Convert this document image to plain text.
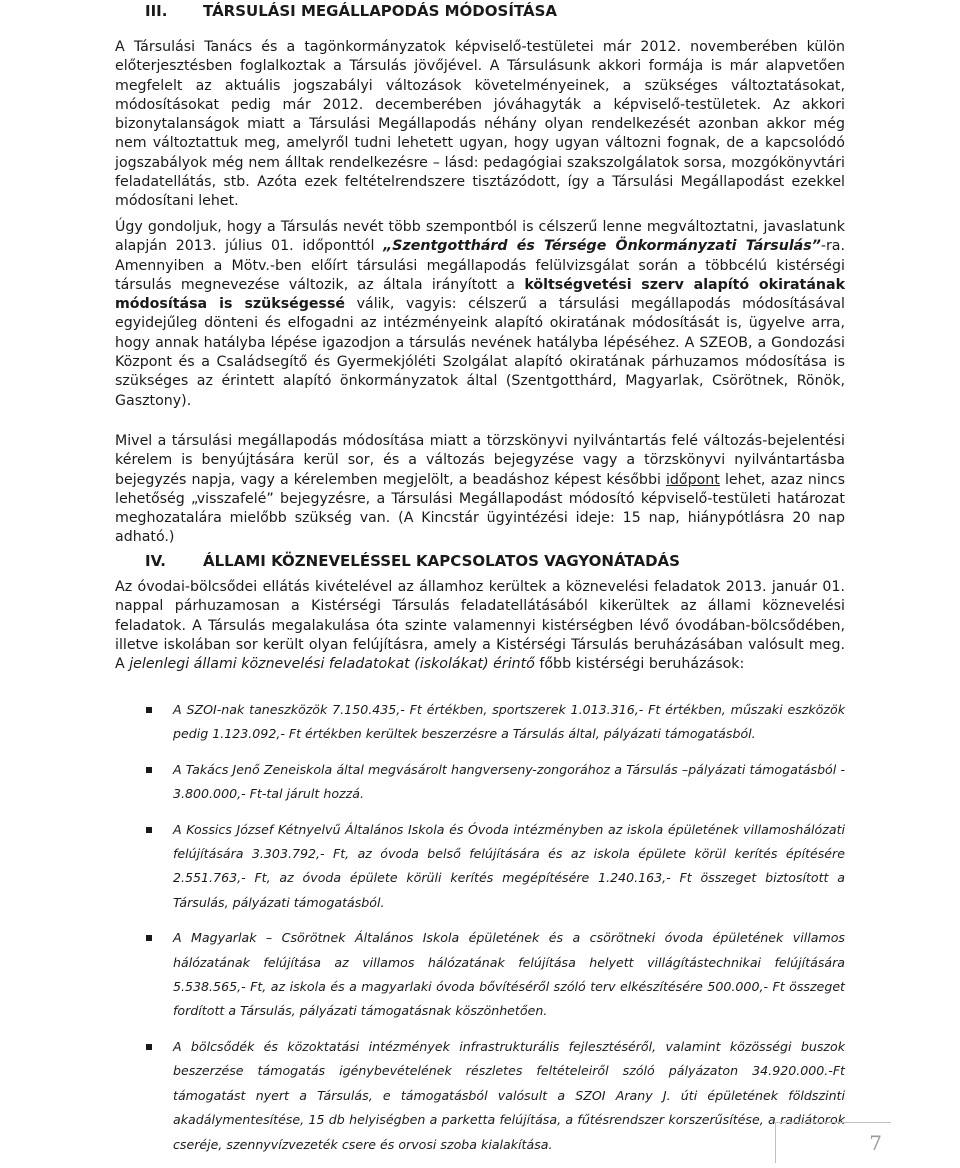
III.	TÁRSULÁSI MEGÁLLAPODÁS MÓDOSÍTÁSA

A Társulási Tanács és a tagönkormányzatok képviselő-testületei már 2012. novemberében külön előterjesztésben foglalkoztak a Társulás jövőjével. A Társulásunk akkori formája is már alapvetően megfelelt az aktuális jogszabályi változások követelményeinek, a szükséges változtatásokat, módosításokat pedig már 2012. decemberében jóváhagyták a képviselő-testületek. Az akkori bizonytalanságok miatt a Társulási Megállapodás néhány olyan rendelkezését azonban akkor még nem változtattuk meg, amelyről tudni lehetett ugyan, hogy ugyan változni fognak, de a kapcsolódó jogszabályok még nem álltak rendelkezésre – lásd: pedagógiai szakszolgálatok sorsa, mozgókönyvtári feladatellátás, stb. Azóta ezek feltételrendszere tisztázódott, így a Társulási Megállapodást ezekkel módosítani lehet.

Úgy gondoljuk, hogy a Társulás nevét több szempontból is célszerű lenne megváltoztatni, javaslatunk alapján 2013. július 01. időponttól „Szentgotthárd és Térsége Önkormányzati Társulás”-ra. Amennyiben a Mötv.-ben előírt társulási megállapodás felülvizsgálat során a többcélú kistérségi társulás megnevezése változik, az általa irányított a költségvetési szerv alapító okiratának módosítása is szükségessé válik, vagyis: célszerű a társulási megállapodás módosításával egyidejűleg dönteni és elfogadni az intézményeink alapító okiratának módosítását is, ügyelve arra, hogy annak hatályba lépése igazodjon a társulás nevének hatályba lépéséhez. A SZEOB, a Gondozási Központ és a Családsegítő és Gyermekjóléti Szolgálat alapító okiratának párhuzamos módosítása is szükséges az érintett alapító önkormányzatok által (Szentgotthárd, Magyarlak, Csörötnek, Rönök, Gasztony).

Mivel a társulási megállapodás módosítása miatt a törzskönyvi nyilvántartás felé változás-bejelentési kérelem is benyújtására kerül sor, és a változás bejegyzése vagy a törzskönyvi nyilvántartásba bejegyzés napja, vagy a kérelemben megjelölt, a beadáshoz képest későbbi időpont lehet, azaz nincs lehetőség „visszafelé” bejegyzésre, a Társulási Megállapodást módosító képviselő-testületi határozat meghozatalára mielőbb szükség van. (A Kincstár ügyintézési ideje: 15 nap, hiánypótlásra 20 nap adható.)

IV.	ÁLLAMI KÖZNEVELÉSSEL KAPCSOLATOS VAGYONÁTADÁS

Az óvodai-bölcsődei ellátás kivételével az államhoz kerültek a köznevelési feladatok 2013. január 01. nappal párhuzamosan a Kistérségi Társulás feladatellátásából kikerültek az állami köznevelési feladatok. A Társulás megalakulása óta szinte valamennyi kistérségben lévő óvodában-bölcsődében, illetve iskolában sor került olyan felújításra, amely a Kistérségi Társulás beruházásában valósult meg. A jelenlegi állami köznevelési feladatokat (iskolákat) érintő főbb kistérségi beruházások:

A SZOI-nak taneszközök 7.150.435,- Ft értékben, sportszerek 1.013.316,- Ft értékben, műszaki eszközök pedig 1.123.092,- Ft értékben kerültek beszerzésre a Társulás által, pályázati támogatásból.
A Takács Jenő Zeneiskola által megvásárolt hangverseny-zongorához a Társulás –pályázati támogatásból - 3.800.000,- Ft-tal járult hozzá.
A Kossics József Kétnyelvű Általános Iskola és Óvoda intézményben az iskola épületének villamoshálózati felújítására 3.303.792,- Ft, az óvoda belső felújítására és az iskola épülete körül kerítés építésére 2.551.763,- Ft, az óvoda épülete körüli kerítés megépítésére 1.240.163,- Ft összeget biztosított a Társulás, pályázati támogatásból.
A Magyarlak – Csörötnek Általános Iskola épületének és a csörötneki óvoda épületének villamos hálózatának felújítása az villamos hálózatának felújítása helyett villágítástechnikai felújítására 5.538.565,- Ft, az iskola és a magyarlaki óvoda bővítéséről szóló terv elkészítésére 500.000,- Ft összeget fordított a Társulás, pályázati támogatásnak köszönhetően.
A bölcsődék és közoktatási intézmények infrastrukturális fejlesztéséről, valamint közösségi buszok beszerzése támogatás igénybevételének részletes feltételeiről szóló pályázaton 34.920.000.-Ft támogatást nyert a Társulás, e támogatásból valósult a SZOI Arany J. úti épületének földszinti akadálymentesítése, 15 db helyiségben a parketta felújítása, a fűtésrendszer korszerűsítése, a radiátorok cseréje, szennyvízvezeték csere és orvosi szoba kialakítása.	7
